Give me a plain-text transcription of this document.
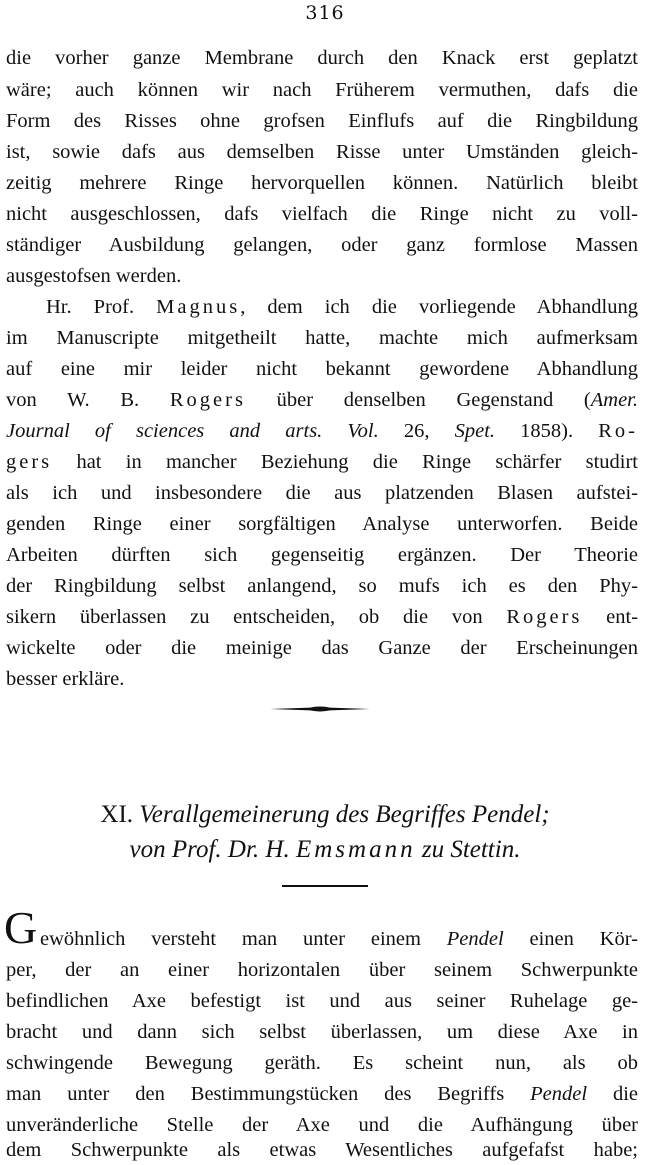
316
die vorher ganze Membrane durch den Knack erst geplatzt
wäre; auch können wir nach Früherem vermuthen, dafs die
Form des Risses ohne grofsen Einflufs auf die Ringbildung
ist, sowie dafs aus demselben Risse unter Umständen gleich-
zeitig mehrere Ringe hervorquellen können. Natürlich bleibt
nicht ausgeschlossen, dafs vielfach die Ringe nicht zu voll-
ständiger Ausbildung gelangen, oder ganz formlose Massen
ausgestofsen werden.
Hr. Prof. Magnus, dem ich die vorliegende Abhandlung
im Manuscripte mitgetheilt hatte, machte mich aufmerksam
auf eine mir leider nicht bekannt gewordene Abhandlung
von W. B. Rogers über denselben Gegenstand (Amer.
Journal of sciences and arts. Vol. 26, Spet. 1858). Ro-
gers hat in mancher Beziehung die Ringe schärfer studirt
als ich und insbesondere die aus platzenden Blasen aufstei-
genden Ringe einer sorgfältigen Analyse unterworfen. Beide
Arbeiten dürften sich gegenseitig ergänzen. Der Theorie
der Ringbildung selbst anlangend, so mufs ich es den Phy-
sikern überlassen zu entscheiden, ob die von Rogers ent-
wickelte oder die meinige das Ganze der Erscheinungen
besser erkläre.
XI. Verallgemeinerung des Begriffes Pendel;
von Prof. Dr. H. Emsmann zu Stettin.
G ewöhnlich versteht man unter einem Pendel einen Kör-
per, der an einer horizontalen über seinem Schwerpunkte
befindlichen Axe befestigt ist und aus seiner Ruhelage ge-
bracht und dann sich selbst überlassen, um diese Axe in
schwingende Bewegung geräth. Es scheint nun, als ob
man unter den Bestimmungstücken des Begriffs Pendel die
unveränderliche Stelle der Axe und die Aufhängung über
dem Schwerpunkte als etwas Wesentliches aufgefafst habe;
